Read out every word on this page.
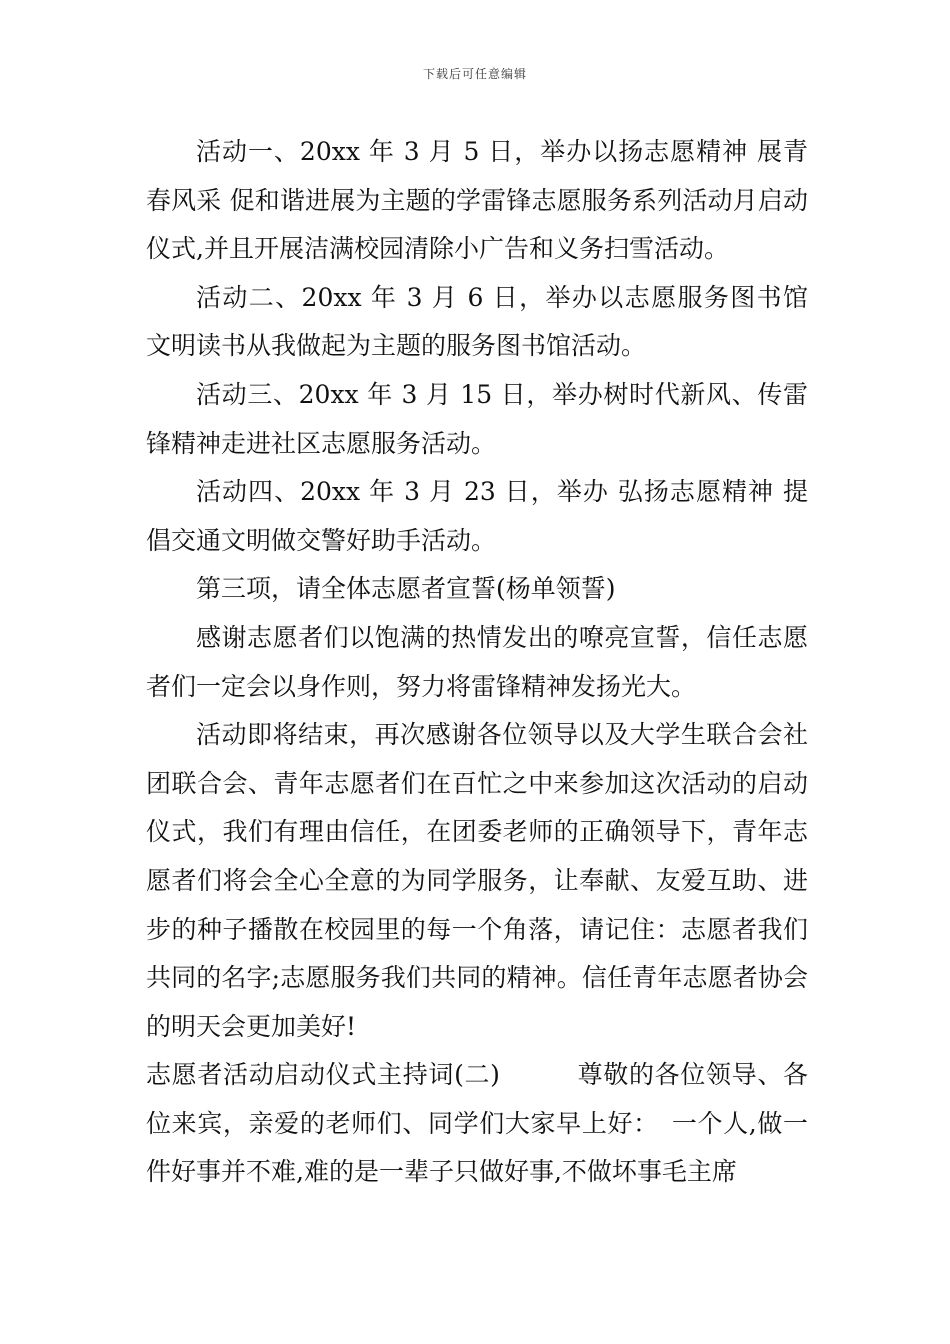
下载后可任意编辑

活动一、20xx 年 3 月 5 日，举办以扬志愿精神 展青春风采 促和谐进展为主题的学雷锋志愿服务系列活动月启动仪式,并且开展洁满校园清除小广告和义务扫雪活动。

活动二、20xx 年 3 月 6 日，举办以志愿服务图书馆 文明读书从我做起为主题的服务图书馆活动。

活动三、20xx 年 3 月 15 日，举办树时代新风、传雷锋精神走进社区志愿服务活动。

活动四、20xx 年 3 月 23 日，举办 弘扬志愿精神 提倡交通文明做交警好助手活动。

第三项，请全体志愿者宣誓(杨单领誓)

感谢志愿者们以饱满的热情发出的嘹亮宣誓，信任志愿者们一定会以身作则，努力将雷锋精神发扬光大。

活动即将结束，再次感谢各位领导以及大学生联合会社团联合会、青年志愿者们在百忙之中来参加这次活动的启动仪式，我们有理由信任，在团委老师的正确领导下，青年志愿者们将会全心全意的为同学服务，让奉献、友爱互助、进步的种子播散在校园里的每一个角落，请记住：志愿者我们共同的名字;志愿服务我们共同的精神。信任青年志愿者协会的明天会更加美好!

志愿者活动启动仪式主持词(二)　　　尊敬的各位领导、各位来宾，亲爱的老师们、同学们大家早上好：　一个人,做一件好事并不难,难的是一辈子只做好事,不做坏事毛主席
